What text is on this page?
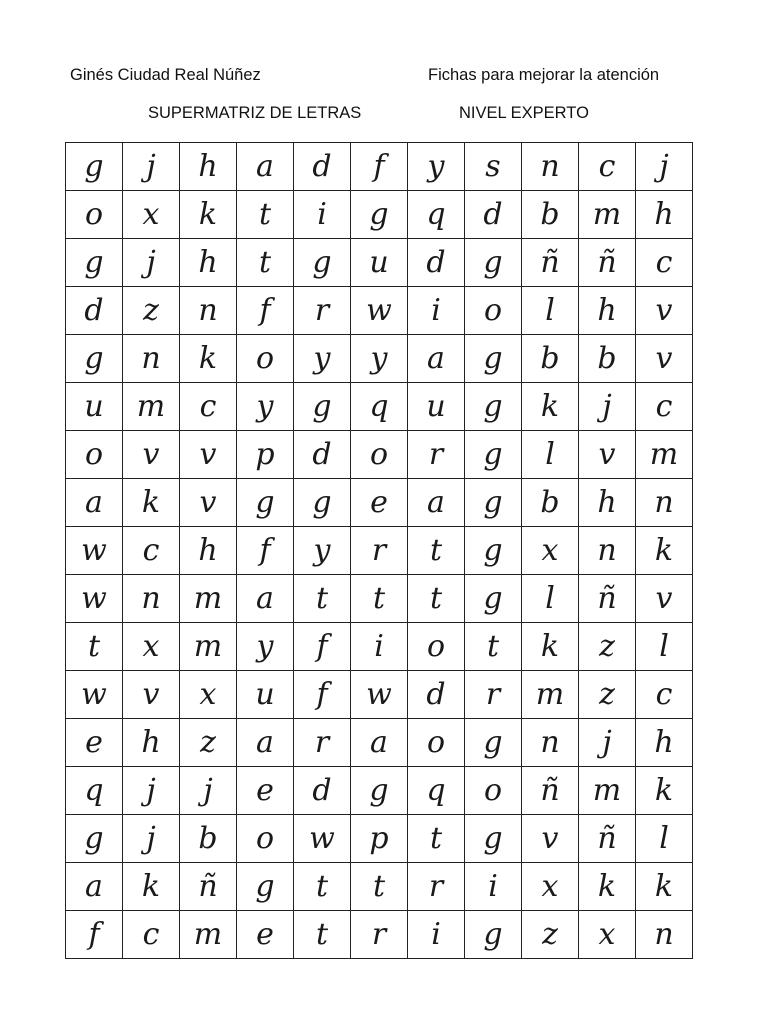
Ginés Ciudad Real Núñez	Fichas para mejorar la atención
SUPERMATRIZ DE LETRAS	NIVEL EXPERTO
g	j	h	a	d	f	y	s	n	c	j
o	x	k	t	i	g	q	d	b	m	h
g	j	h	t	g	u	d	g	ñ	ñ	c
d	z	n	f	r	w	i	o	l	h	v
g	n	k	o	y	y	a	g	b	b	v
u	m	c	y	g	q	u	g	k	j	c
o	v	v	p	d	o	r	g	l	v	m
a	k	v	g	g	e	a	g	b	h	n
w	c	h	f	y	r	t	g	x	n	k
w	n	m	a	t	t	t	g	l	ñ	v
t	x	m	y	f	i	o	t	k	z	l
w	v	x	u	f	w	d	r	m	z	c
e	h	z	a	r	a	o	g	n	j	h
q	j	j	e	d	g	q	o	ñ	m	k
g	j	b	o	w	p	t	g	v	ñ	l
a	k	ñ	g	t	t	r	i	x	k	k
f	c	m	e	t	r	i	g	z	x	n
